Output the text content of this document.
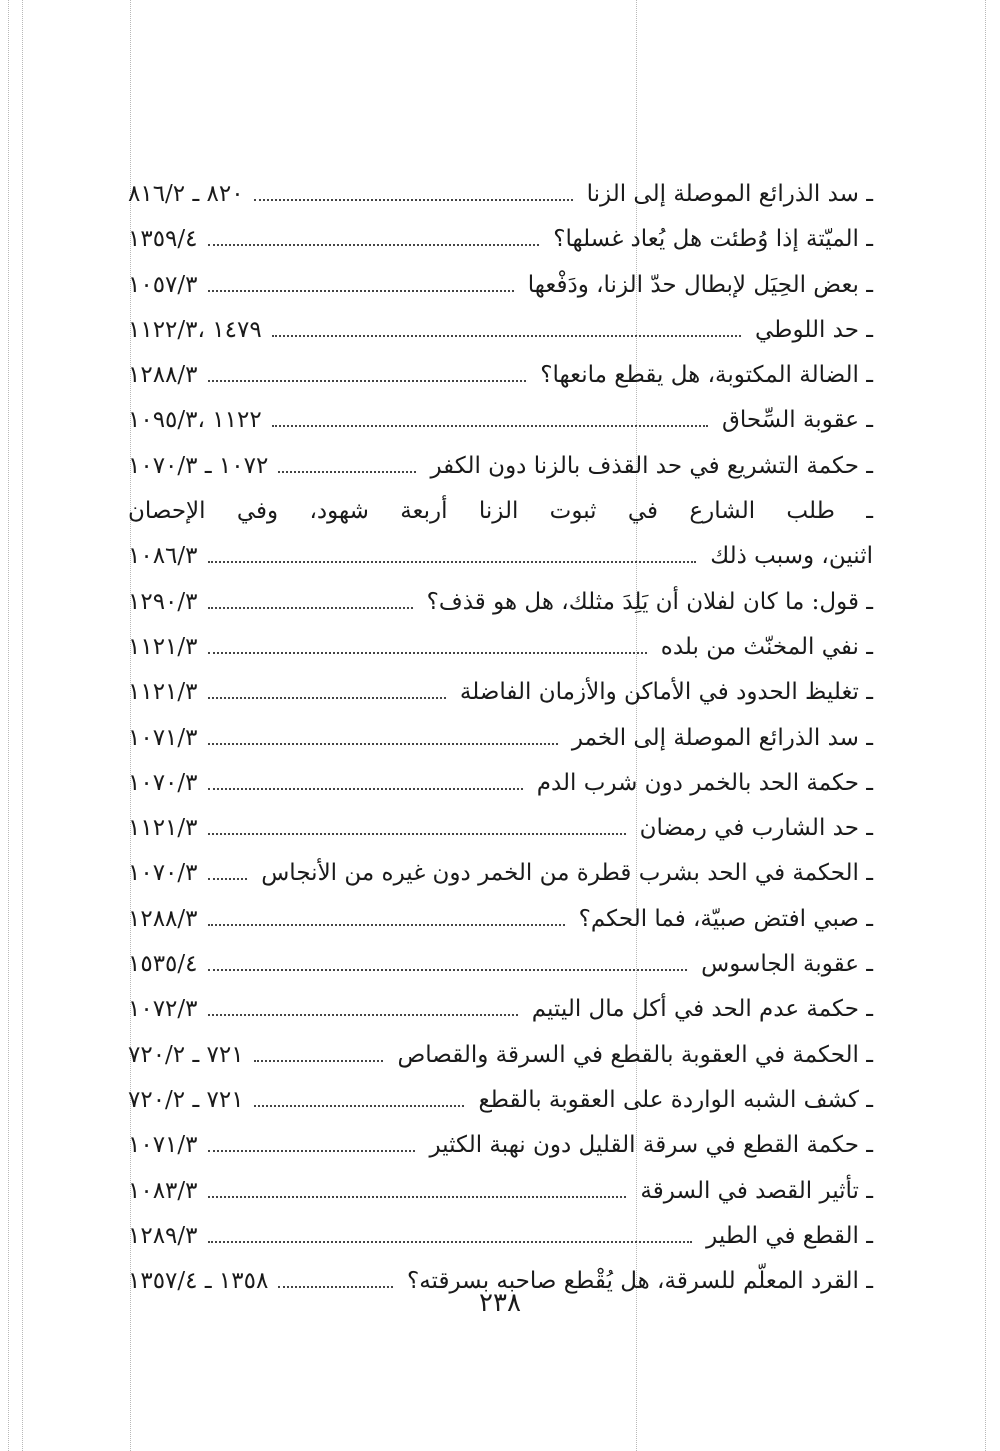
ـ سد الذرائع الموصلة إلى الزنا
٨٢٠ ـ ٨١٦/٢
ـ الميّتة إذا وُطئت هل يُعاد غسلها؟
١٣٥٩/٤
ـ بعض الحِيَل لإبطال حدّ الزنا، ودَفْعها
١٠٥٧/٣
ـ حد اللوطي
١٤٧٩ ،١١٢٢/٣
ـ الضالة المكتوبة، هل يقطع مانعها؟
١٢٨٨/٣
ـ عقوبة السِّحاق
١١٢٢ ،١٠٩٥/٣
ـ حكمة التشريع في حد القذف بالزنا دون الكفر
١٠٧٢ ـ ١٠٧٠/٣
ـ طلب الشارع في ثبوت الزنا أربعة شهود، وفي الإحصان
اثنين، وسبب ذلك
١٠٨٦/٣
ـ قول: ما كان لفلان أن يَلِدَ مثلك، هل هو قذف؟
١٢٩٠/٣
ـ نفي المخنّث من بلده
١١٢١/٣
ـ تغليظ الحدود في الأماكن والأزمان الفاضلة
١١٢١/٣
ـ سد الذرائع الموصلة إلى الخمر
١٠٧١/٣
ـ حكمة الحد بالخمر دون شرب الدم
١٠٧٠/٣
ـ حد الشارب في رمضان
١١٢١/٣
ـ الحكمة في الحد بشرب قطرة من الخمر دون غيره من الأنجاس
١٠٧٠/٣
ـ صبي افتض صبيّة، فما الحكم؟
١٢٨٨/٣
ـ عقوبة الجاسوس
١٥٣٥/٤
ـ حكمة عدم الحد في أكل مال اليتيم
١٠٧٢/٣
ـ الحكمة في العقوبة بالقطع في السرقة والقصاص
٧٢١ ـ ٧٢٠/٢
ـ كشف الشبه الواردة على العقوبة بالقطع
٧٢١ ـ ٧٢٠/٢
ـ حكمة القطع في سرقة القليل دون نهبة الكثير
١٠٧١/٣
ـ تأثير القصد في السرقة
١٠٨٣/٣
ـ القطع في الطير
١٢٨٩/٣
ـ القرد المعلّم للسرقة، هل يُقْطع صاحبه بسرقته؟
١٣٥٨ ـ ١٣٥٧/٤
٢٣٨
